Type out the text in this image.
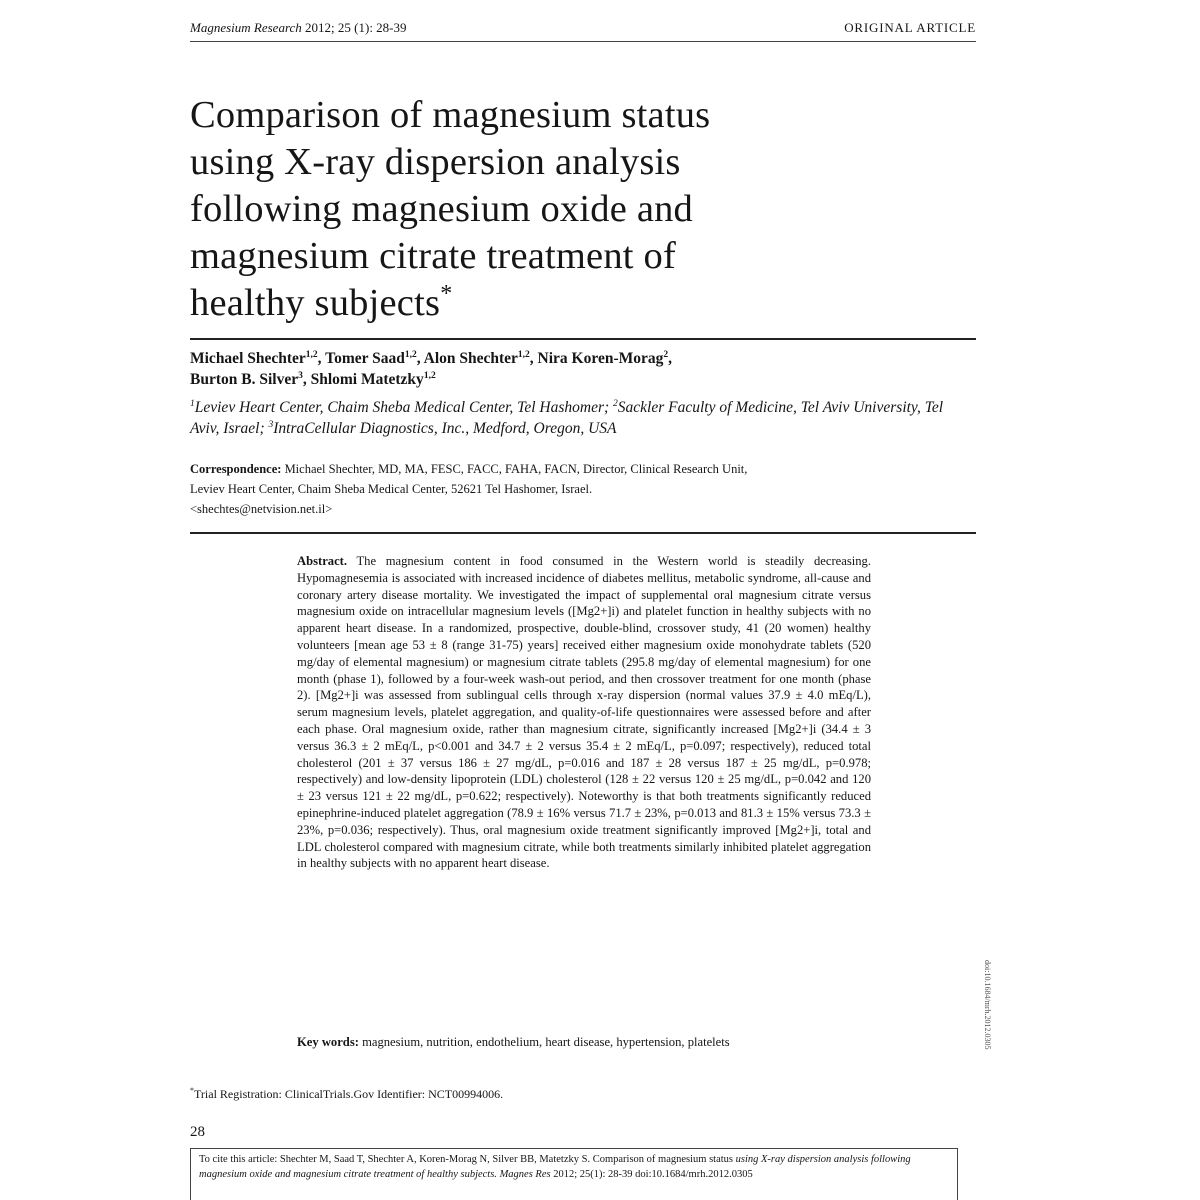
Magnesium Research 2012; 25 (1): 28-39	ORIGINAL ARTICLE
Comparison of magnesium status
using X-ray dispersion analysis
following magnesium oxide and
magnesium citrate treatment of
healthy subjects*
Michael Shechter$^{1,2}$, Tomer Saad$^{1,2}$, Alon Shechter$^{1,2}$, Nira Koren-Morag$^2$,
Burton B. Silver$^3$, Shlomi Matetzky$^{1,2}$
$^1$Leviev Heart Center, Chaim Sheba Medical Center, Tel Hashomer; $^2$Sackler Faculty of Medicine, Tel Aviv University, Tel Aviv, Israel; $^3$IntraCellular Diagnostics, Inc., Medford, Oregon, USA
Correspondence: Michael Shechter, MD, MA, FESC, FACC, FAHA, FACN, Director, Clinical Research Unit,
Leviev Heart Center, Chaim Sheba Medical Center, 52621 Tel Hashomer, Israel.
<shechtes@netvision.net.il>

Abstract. The magnesium content in food consumed in the Western world is steadily decreasing. Hypomagnesemia is associated with increased incidence of diabetes mellitus, metabolic syndrome, all-cause and coronary artery disease mortality. We investigated the impact of supplemental oral magnesium citrate versus magnesium oxide on intracellular magnesium levels ([Mg2+]i) and platelet function in healthy subjects with no apparent heart disease. In a randomized, prospective, double-blind, crossover study, 41 (20 women) healthy volunteers [mean age 53 ± 8 (range 31-75) years] received either magnesium oxide monohydrate tablets (520 mg/day of elemental magnesium) or magnesium citrate tablets (295.8 mg/day of elemental magnesium) for one month (phase 1), followed by a four-week wash-out period, and then crossover treatment for one month (phase 2). [Mg2+]i was assessed from sublingual cells through x-ray dispersion (normal values 37.9 ± 4.0 mEq/L), serum magnesium levels, platelet aggregation, and quality-of-life questionnaires were assessed before and after each phase. Oral magnesium oxide, rather than magnesium citrate, significantly increased [Mg2+]i (34.4 ± 3 versus 36.3 ± 2 mEq/L, p<0.001 and 34.7 ± 2 versus 35.4 ± 2 mEq/L, p=0.097; respectively), reduced total cholesterol (201 ± 37 versus 186 ± 27 mg/dL, p=0.016 and 187 ± 28 versus 187 ± 25 mg/dL, p=0.978; respectively) and low-density lipoprotein (LDL) cholesterol (128 ± 22 versus 120 ± 25 mg/dL, p=0.042 and 120 ± 23 versus 121 ± 22 mg/dL, p=0.622; respectively). Noteworthy is that both treatments significantly reduced epinephrine-induced platelet aggregation (78.9 ± 16% versus 71.7 ± 23%, p=0.013 and 81.3 ± 15% versus 73.3 ± 23%, p=0.036; respectively). Thus, oral magnesium oxide treatment significantly improved [Mg2+]i, total and LDL cholesterol compared with magnesium citrate, while both treatments similarly inhibited platelet aggregation in healthy subjects with no apparent heart disease.

Key words: magnesium, nutrition, endothelium, heart disease, hypertension, platelets
*Trial Registration: ClinicalTrials.Gov Identifier: NCT00994006.
28
To cite this article: Shechter M, Saad T, Shechter A, Koren-Morag N, Silver BB, Matetzky S. Comparison of magnesium status using X-ray dispersion analysis following magnesium oxide and magnesium citrate treatment of healthy subjects. Magnes Res 2012; 25(1): 28-39 doi:10.1684/mrh.2012.0305
doi:10.1684/mrh.2012.0305
